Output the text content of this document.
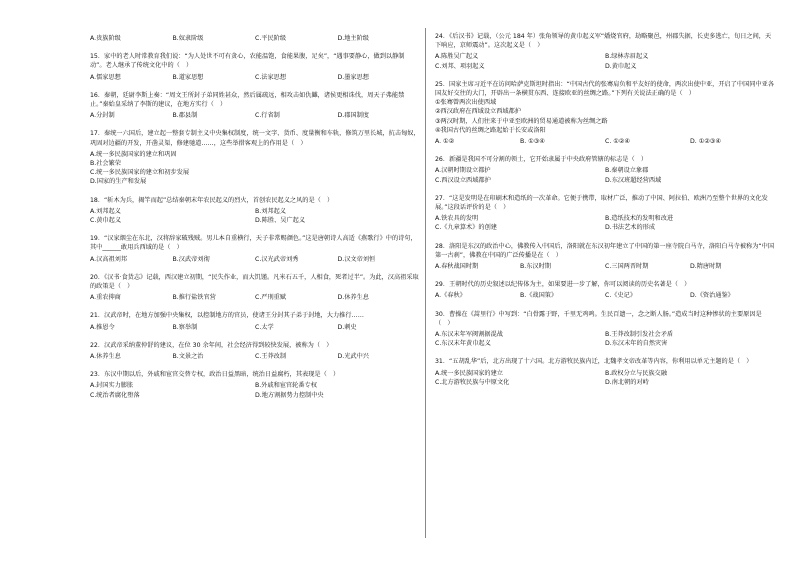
A.贵族阶级	B.奴隶阶级	C.平民阶级	D.地主阶级
15．家中的老人时常教育我们说：“为人处世不可有贪心，农能温饱，食能果腹，足矣”，“遇事要静心，做到以静制动”。老人继承了传统文化中的（　）
A.儒家思想	B.道家思想	C.法家思想	D.墨家思想
16．秦朝，廷尉李斯上奏：“周文王所封子弟同姓甚众，然后属疏远，相攻击如仇雠，诸侯更相诛伐，周天子弗能禁止。”秦始皇采纳了李斯的建议，在地方实行（　）
A.分封制	B.郡县制	C.行省制	D.郡国制度
17．秦统一六国后，建立起一整套专制主义中央集权制度，统一文字、货币、度量衡和车轨，修筑万里长城，抗击匈奴，巩固对边疆的开发，开凿灵渠，修建驰道……，这些举措客观上的作用是（　）
A.统一多民族国家的建立和巩固
B.社会繁荣
C.统一多民族国家的建立和初步发展
D.国家的生产和发展
18．“斩木为兵，揭竿而起”总结秦朝末年农民起义的烈火，首创农民起义之风的是（　）
A.刘邦起义	B.刘邦起义
C.黄巾起义	D.陈胜、吴广起义
19．“汉家烟尘在东北，汉将辞家破残贼。男儿本自重横行，天子非常赐颜色。”这是唐朝诗人高适《燕歌行》中的诗句，其中______敢用兵西域的是（　）
A.汉高祖刘邦	B.汉武帝刘彻	C.汉光武帝刘秀	D.汉文帝刘恒
20．《汉书·食货志》记载，西汉建立初期，“民失作业，而大饥馑。凡米石五千，人相食，死者过半”。为此，汉高祖采取的政策是（　）
A.重农抑商	B.推行盐铁官营	C.严刑重赋	D.休养生息
21．汉武帝时，在地方加强中央集权，以控制地方的官员，使诸王分封其子弟于封地，大力推行……
A.推恩令	B.察举制	C.太学	D.刺史
22．汉武帝采纳董仲舒的建议，在位 30 余年间，社会经济得到较快发展，被称为（　）
A.休养生息	B.文景之治	C.王莽改制	D.光武中兴
23．东汉中期以后，外戚和宦官交替专权，政治日益黑暗，统治日益腐朽，其表现是（　）
A.封国实力膨胀	B.外戚和宦官轮番专权
C.统治者腐化堕落	D.地方割据势力控制中央
24．《后汉书》记载，（公元 184 年）张角领导的黄巾起义军“燔烧官府，劫略聚邑，州郡失据，长吏多逃亡，旬日之间，天下响应，京师震动”。这次起义是（　）
A.陈胜吴广起义	B.绿林赤眉起义
C.刘邦、项羽起义	D.黄巾起义
25．国家主席习近平在访问哈萨克斯坦时指出：“中国古代的张骞肩负和平友好的使命，两次出使中亚，开启了中国同中亚各国友好交往的大门，开辟出一条横贯东西、连接欧亚的丝绸之路。”下列有关说法正确的是（　）
①张骞曾两次出使西域
②西汉政府在西域设立西域都护
③两汉时期，人们往来于中亚至欧洲的贸易通道被称为丝绸之路
④我国古代的丝绸之路起始于长安或洛阳
A. ①②	B. ①③④	C. ①②④	D. ①②③④
26．新疆是我国不可分割的领土，它开始隶属于中央政府管辖的标志是（　）
A.汉朝时期设立都护	B.秦朝设立象郡
C.西汉设立西域都护	D.东汉班超经营西域
27．“这是发明是在印刷术和造纸的一次革命。它便于携带，取材广泛，推动了中国、阿拉伯、欧洲乃至整个世界的文化发展。”这段话评价的是（　）
A.铁农具的发明	B.造纸技术的发明和改进
C.《九章算术》的创建	D.书法艺术的形成
28．洛阳是东汉的政治中心，佛教传入中国后，洛阳就在东汉初年建立了中国的第一座寺院白马寺，洛阳白马寺被称为“中国第一古刹”，佛教在中国的广泛传播是在（　）
A.春秋战国时期	B.东汉时期	C.三国两晋时期	D.隋唐时期
29．王朝时代的历史叙述以纪传体为主，如果要进一步了解，你可以阅读的历史名著是（　）
A.《春秋》	B.《战国策》	C.《史记》	D.《资治通鉴》
30．曹操在《蒿里行》中写到：“白骨露于野，千里无鸡鸣。生民百遗一，念之断人肠。”造成当时这种惨状的主要原因是（　）
A.东汉末年军阀割据混战	B.王莽改制引发社会矛盾
C.东汉末年黄巾起义	D.东汉末年的自然灾害
31．“五胡乱华”后，北方出现了十六国。北方游牧民族内迁，北魏孝文帝改革等内容，你利用以单元主题的是（　）
A.统一多民族国家的建立	B.政权分立与民族交融
C.北方游牧民族与中原文化	D.南北朝的对峙
